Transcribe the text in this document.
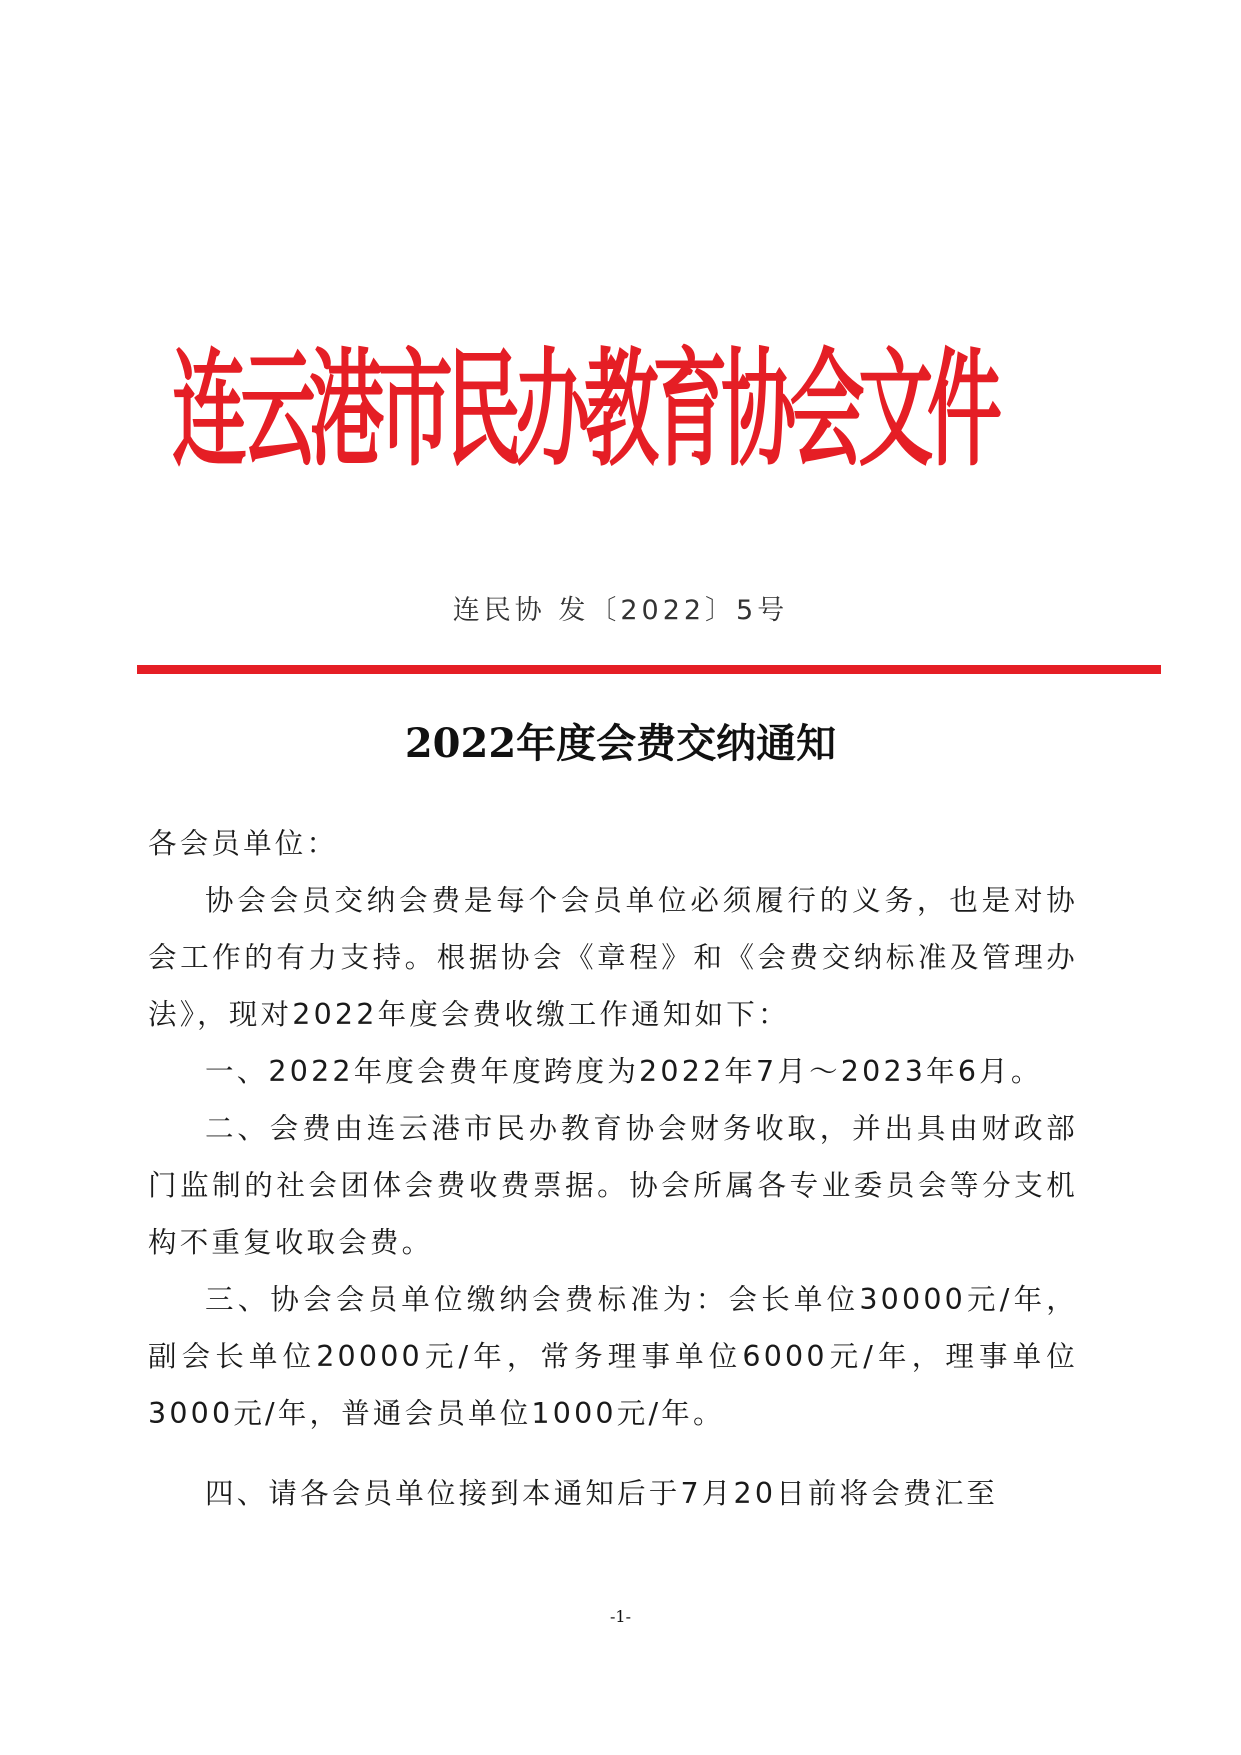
连云港市民办教育协会文件
连民协 发〔2022〕5号
2022年度会费交纳通知

各会员单位：

协会会员交纳会费是每个会员单位必须履行的义务，也是对协会工作的有力支持。根据协会《章程》和《会费交纳标准及管理办法》，现对2022年度会费收缴工作通知如下：

一、2022年度会费年度跨度为2022年7月～2023年6月。

二、会费由连云港市民办教育协会财务收取，并出具由财政部门监制的社会团体会费收费票据。协会所属各专业委员会等分支机构不重复收取会费。

三、协会会员单位缴纳会费标准为：会长单位30000元/年，副会长单位20000元/年，常务理事单位6000元/年，理事单位3000元/年，普通会员单位1000元/年。

四、请各会员单位接到本通知后于7月20日前将会费汇至

-1-
